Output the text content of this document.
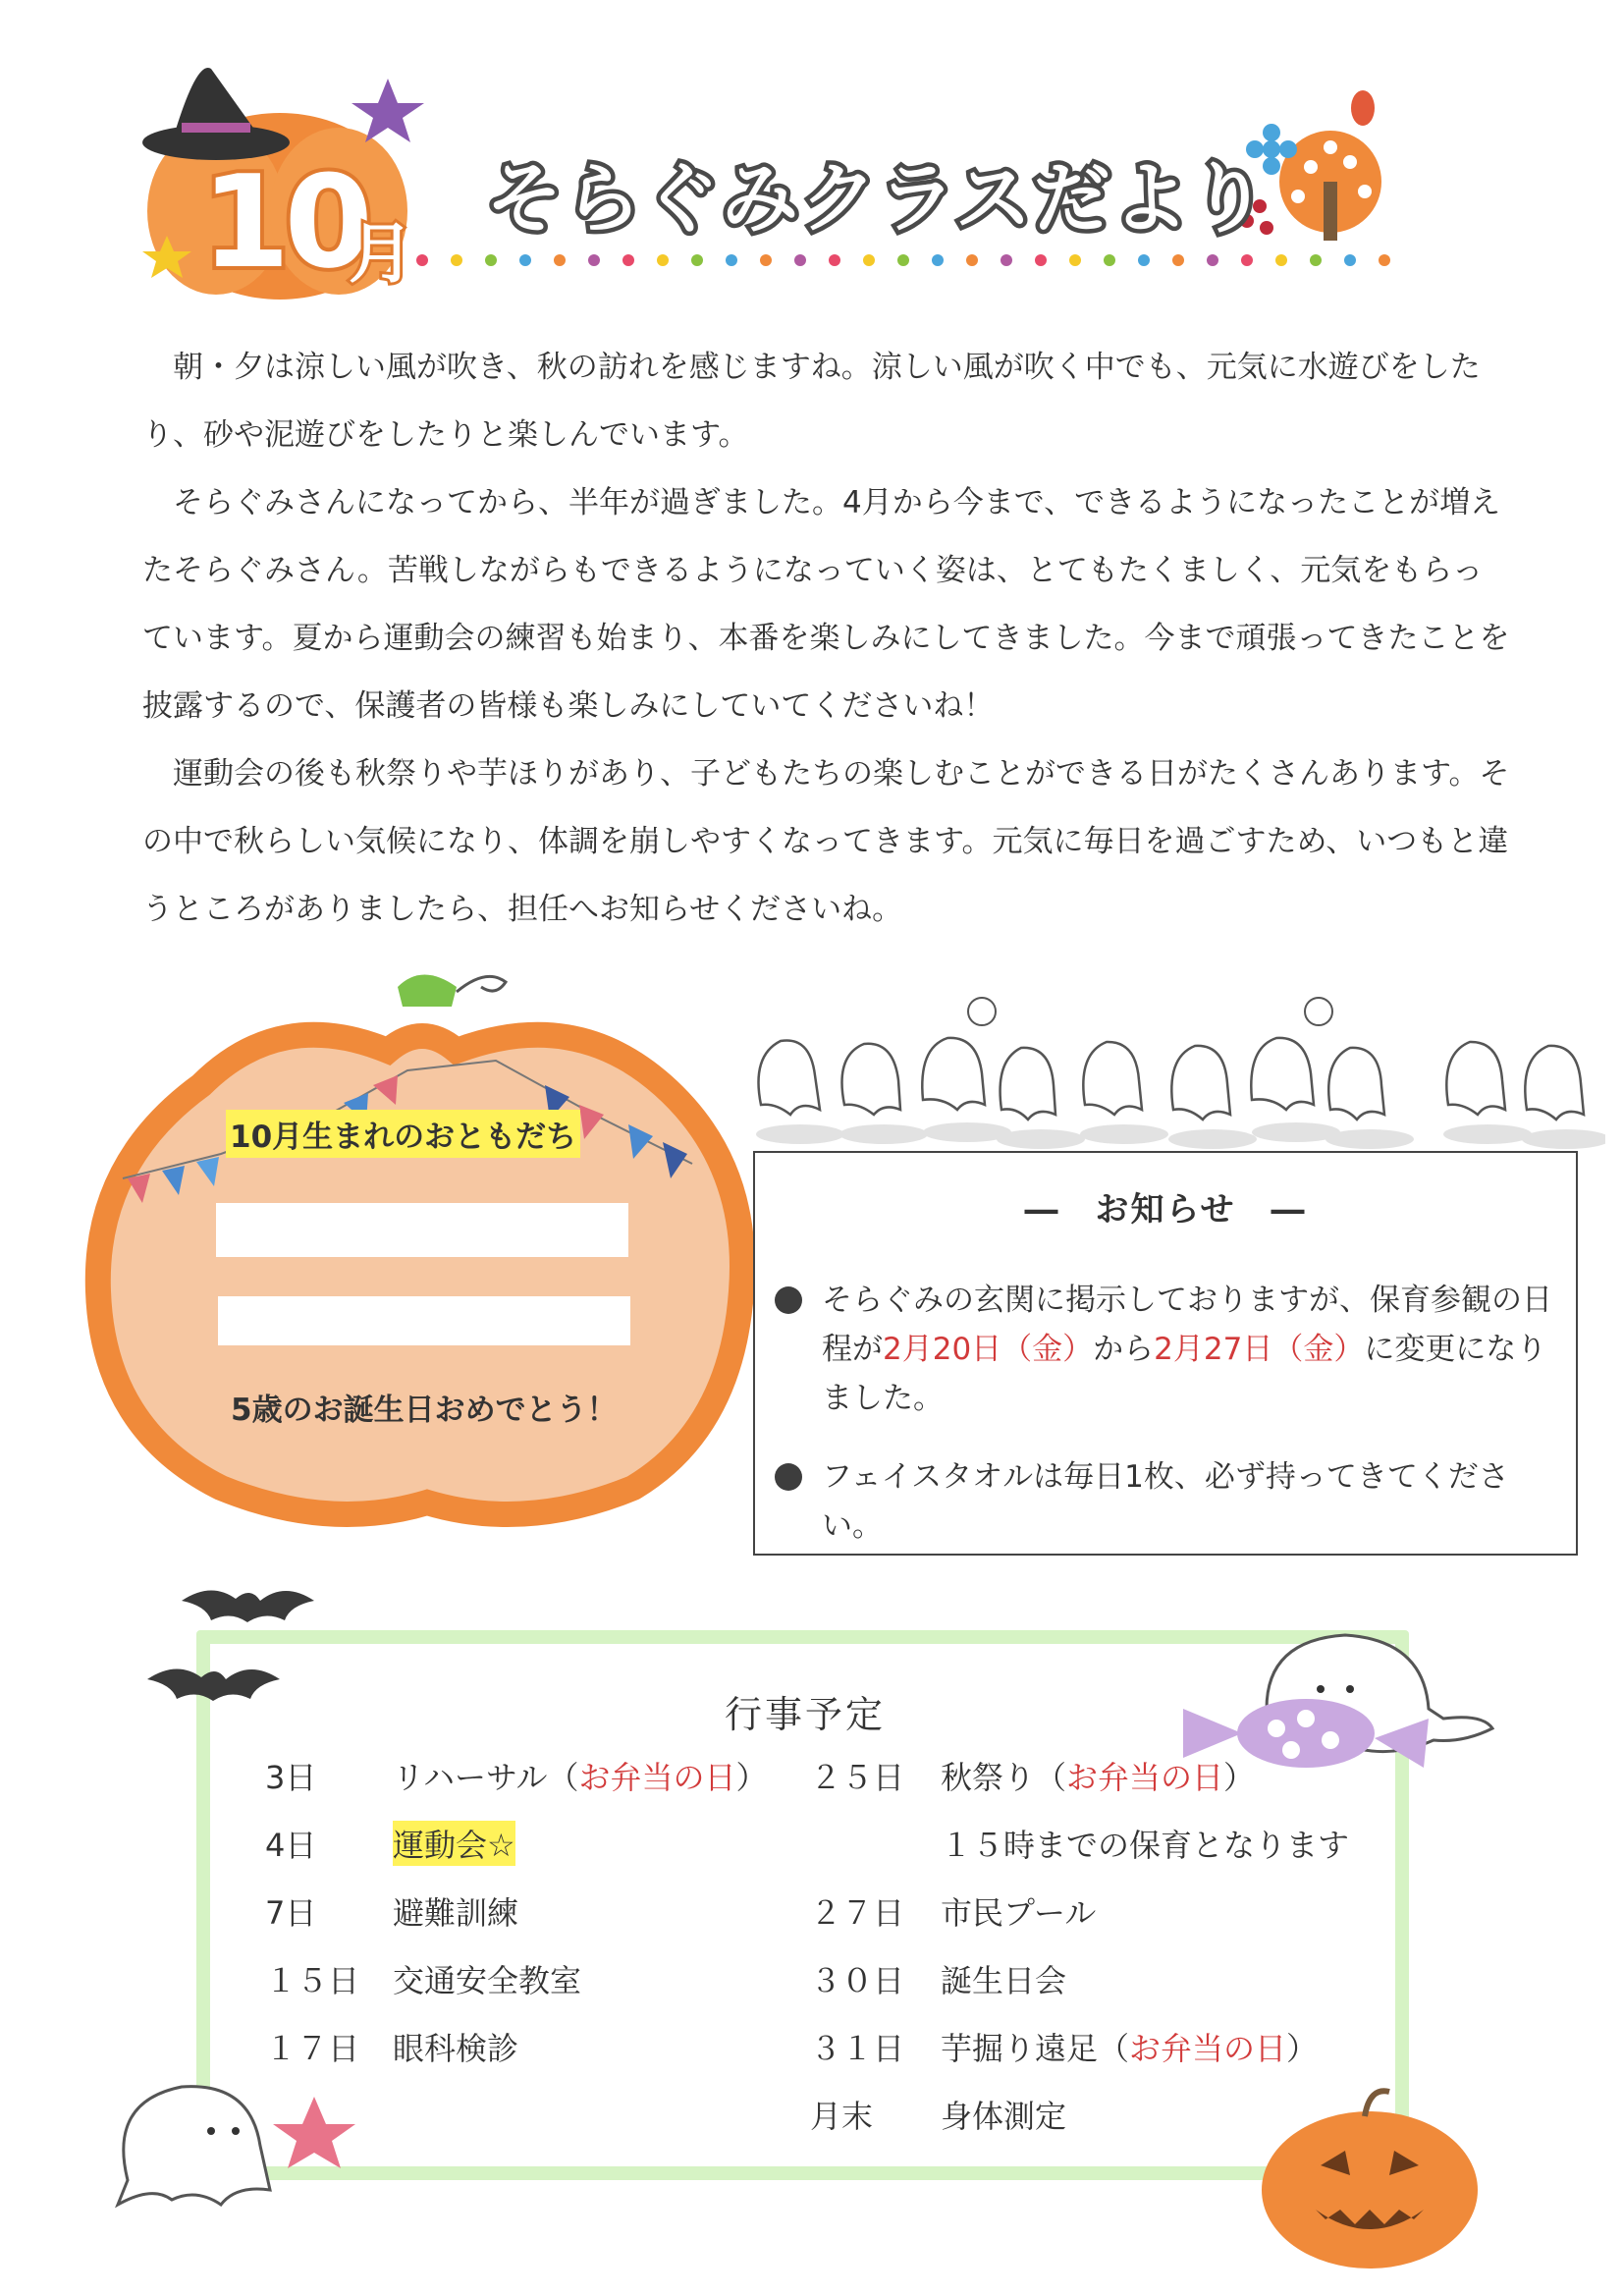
10
月
そらぐみクラスだより

朝・夕は涼しい風が吹き、秋の訪れを感じますね。涼しい風が吹く中でも、元気に水遊びをしたり、砂や泥遊びをしたりと楽しんでいます。

そらぐみさんになってから、半年が過ぎました。4月から今まで、できるようになったことが増えたそらぐみさん。苦戦しながらもできるようになっていく姿は、とてもたくましく、元気をもらっています。夏から運動会の練習も始まり、本番を楽しみにしてきました。今まで頑張ってきたことを披露するので、保護者の皆様も楽しみにしていてくださいね！

運動会の後も秋祭りや芋ほりがあり、子どもたちの楽しむことができる日がたくさんあります。その中で秋らしい気候になり、体調を崩しやすくなってきます。元気に毎日を過ごすため、いつもと違うところがありましたら、担任へお知らせくださいね。

10月生まれのおともだち
5歳のお誕生日おめでとう！
―　お知らせ　―
そらぐみの玄関に掲示しておりますが、保育参観の日程が2月20日（金）から2月27日（金）に変更になりました。
フェイスタオルは毎日1枚、必ず持ってきてください。
行事予定
3日 リハーサル（お弁当の日）
4日 運動会☆
7日 避難訓練
１５日 交通安全教室
１７日 眼科検診
２５日 秋祭り（お弁当の日）
１５時までの保育となります
２７日 市民プール
３０日 誕生日会
３１日 芋掘り遠足（お弁当の日）
月末 身体測定
